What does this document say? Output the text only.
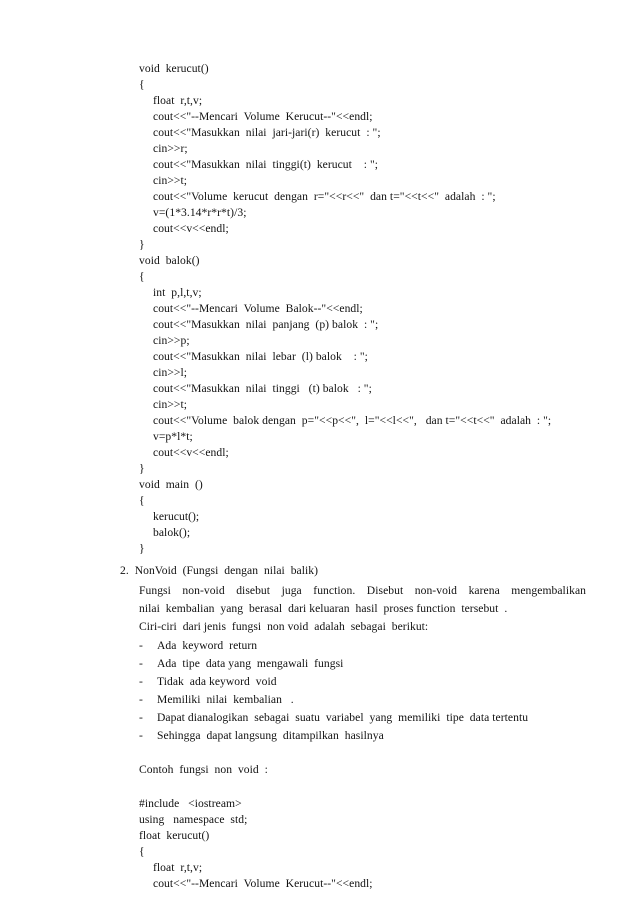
void  kerucut()
{
float  r,t,v;
cout<<"--Mencari  Volume  Kerucut--"<<endl;
cout<<"Masukkan  nilai  jari-jari(r)  kerucut  : ";
cin>>r;
cout<<"Masukkan  nilai  tinggi(t)  kerucut    : ";
cin>>t;
cout<<"Volume  kerucut  dengan  r="<<r<<"  dan t="<<t<<"  adalah  : ";
v=(1*3.14*r*r*t)/3;
cout<<v<<endl;
}
void  balok()
{
int  p,l,t,v;
cout<<"--Mencari  Volume  Balok--"<<endl;
cout<<"Masukkan  nilai  panjang  (p) balok  : ";
cin>>p;
cout<<"Masukkan  nilai  lebar  (l) balok    : ";
cin>>l;
cout<<"Masukkan  nilai  tinggi   (t) balok   : ";
cin>>t;
cout<<"Volume  balok dengan  p="<<p<<",  l="<<l<<",   dan t="<<t<<"  adalah  : ";
v=p*l*t;
cout<<v<<endl;
}
void  main  ()
{
kerucut();
balok();
}
2.  NonVoid  (Fungsi  dengan  nilai  balik)
Fungsi non-void disebut juga function. Disebut non-void karena mengembalikan
nilai  kembalian  yang  berasal  dari keluaran  hasil  proses function  tersebut  .
Ciri-ciri  dari jenis  fungsi  non void  adalah  sebagai  berikut:
- Ada  keyword  return
- Ada  tipe  data yang  mengawali  fungsi
- Tidak  ada keyword  void
- Memiliki  nilai  kembalian   .
- Dapat dianalogikan  sebagai  suatu  variabel  yang  memiliki  tipe  data tertentu
- Sehingga  dapat langsung  ditampilkan  hasilnya
Contoh  fungsi  non  void  :
#include   <iostream>
using   namespace  std;
float  kerucut()
{
float  r,t,v;
cout<<"--Mencari  Volume  Kerucut--"<<endl;
